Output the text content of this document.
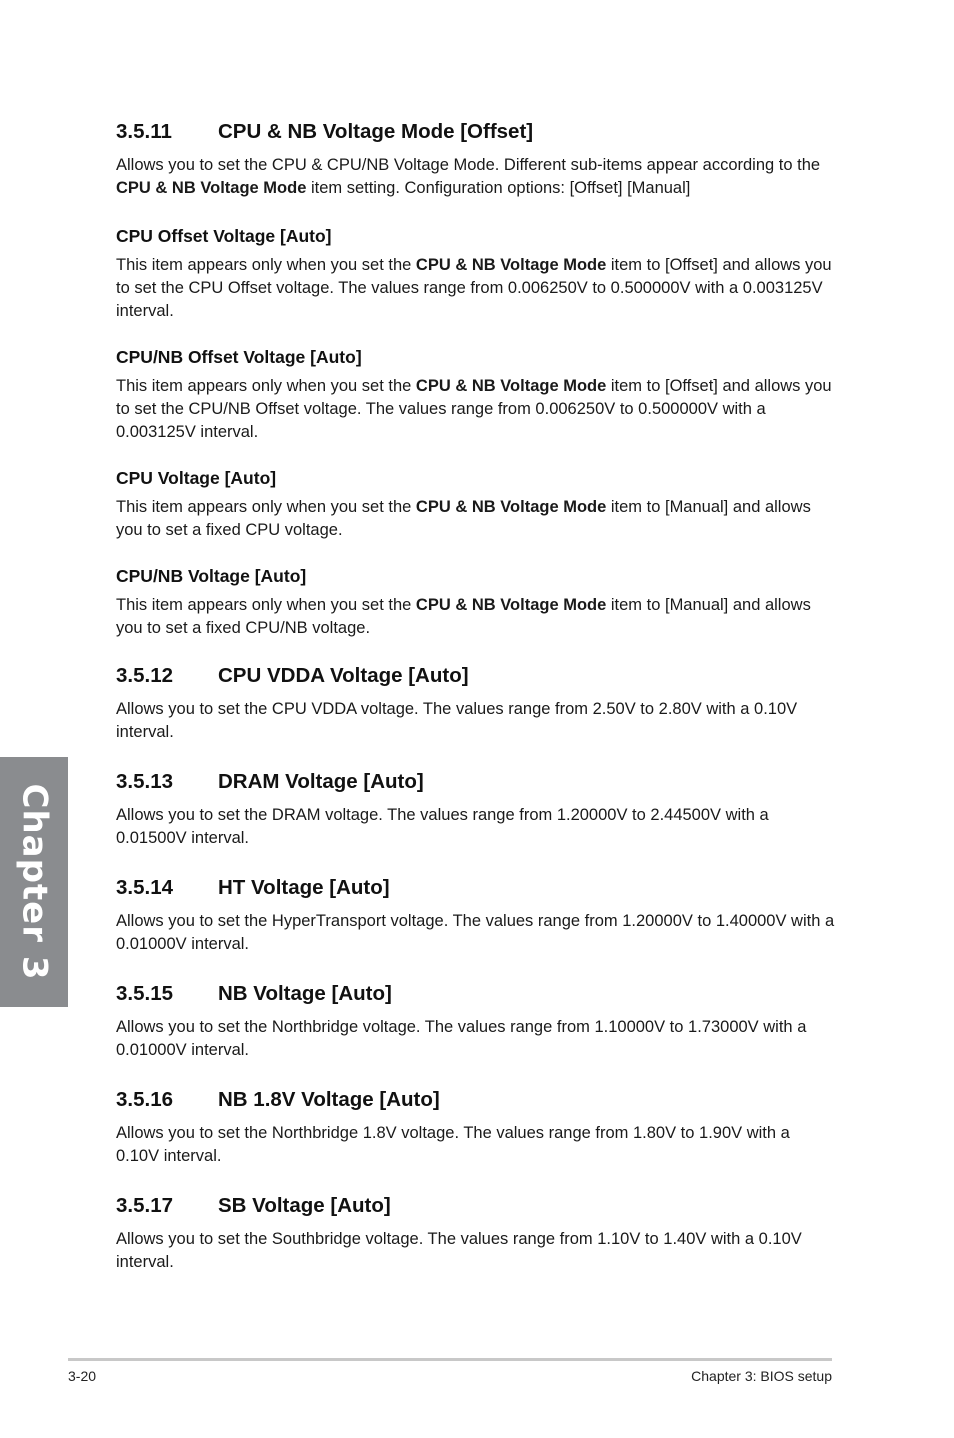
Chapter 3
3.5.11	CPU & NB Voltage Mode [Offset]

Allows you to set the CPU & CPU/NB Voltage Mode. Different sub-items appear according to the CPU & NB Voltage Mode item setting. Configuration options: [Offset] [Manual]

CPU Offset Voltage [Auto]

This item appears only when you set the CPU & NB Voltage Mode item to [Offset] and allows you to set the CPU Offset voltage. The values range from 0.006250V to 0.500000V with a 0.003125V interval.

CPU/NB Offset Voltage [Auto]

This item appears only when you set the CPU & NB Voltage Mode item to [Offset] and allows you to set the CPU/NB Offset voltage. The values range from 0.006250V to 0.500000V with a 0.003125V interval.

CPU Voltage [Auto]

This item appears only when you set the CPU & NB Voltage Mode item to [Manual] and allows you to set a fixed CPU voltage.

CPU/NB Voltage [Auto]

This item appears only when you set the CPU & NB Voltage Mode item to [Manual] and allows you to set a fixed CPU/NB voltage.

3.5.12	CPU VDDA Voltage [Auto]

Allows you to set the CPU VDDA voltage. The values range from 2.50V to 2.80V with a 0.10V interval.

3.5.13	DRAM Voltage [Auto]

Allows you to set the DRAM voltage. The values range from 1.20000V to 2.44500V with a 0.01500V interval.

3.5.14	HT Voltage [Auto]

Allows you to set the HyperTransport voltage. The values range from 1.20000V to 1.40000V with a 0.01000V interval.

3.5.15	NB Voltage [Auto]

Allows you to set the Northbridge voltage. The values range from 1.10000V to 1.73000V with a 0.01000V interval.

3.5.16	NB 1.8V Voltage [Auto]

Allows you to set the Northbridge 1.8V voltage. The values range from 1.80V to 1.90V with a 0.10V interval.

3.5.17	SB Voltage [Auto]

Allows you to set the Southbridge voltage. The values range from 1.10V to 1.40V with a 0.10V interval.

3-20	Chapter 3: BIOS setup
